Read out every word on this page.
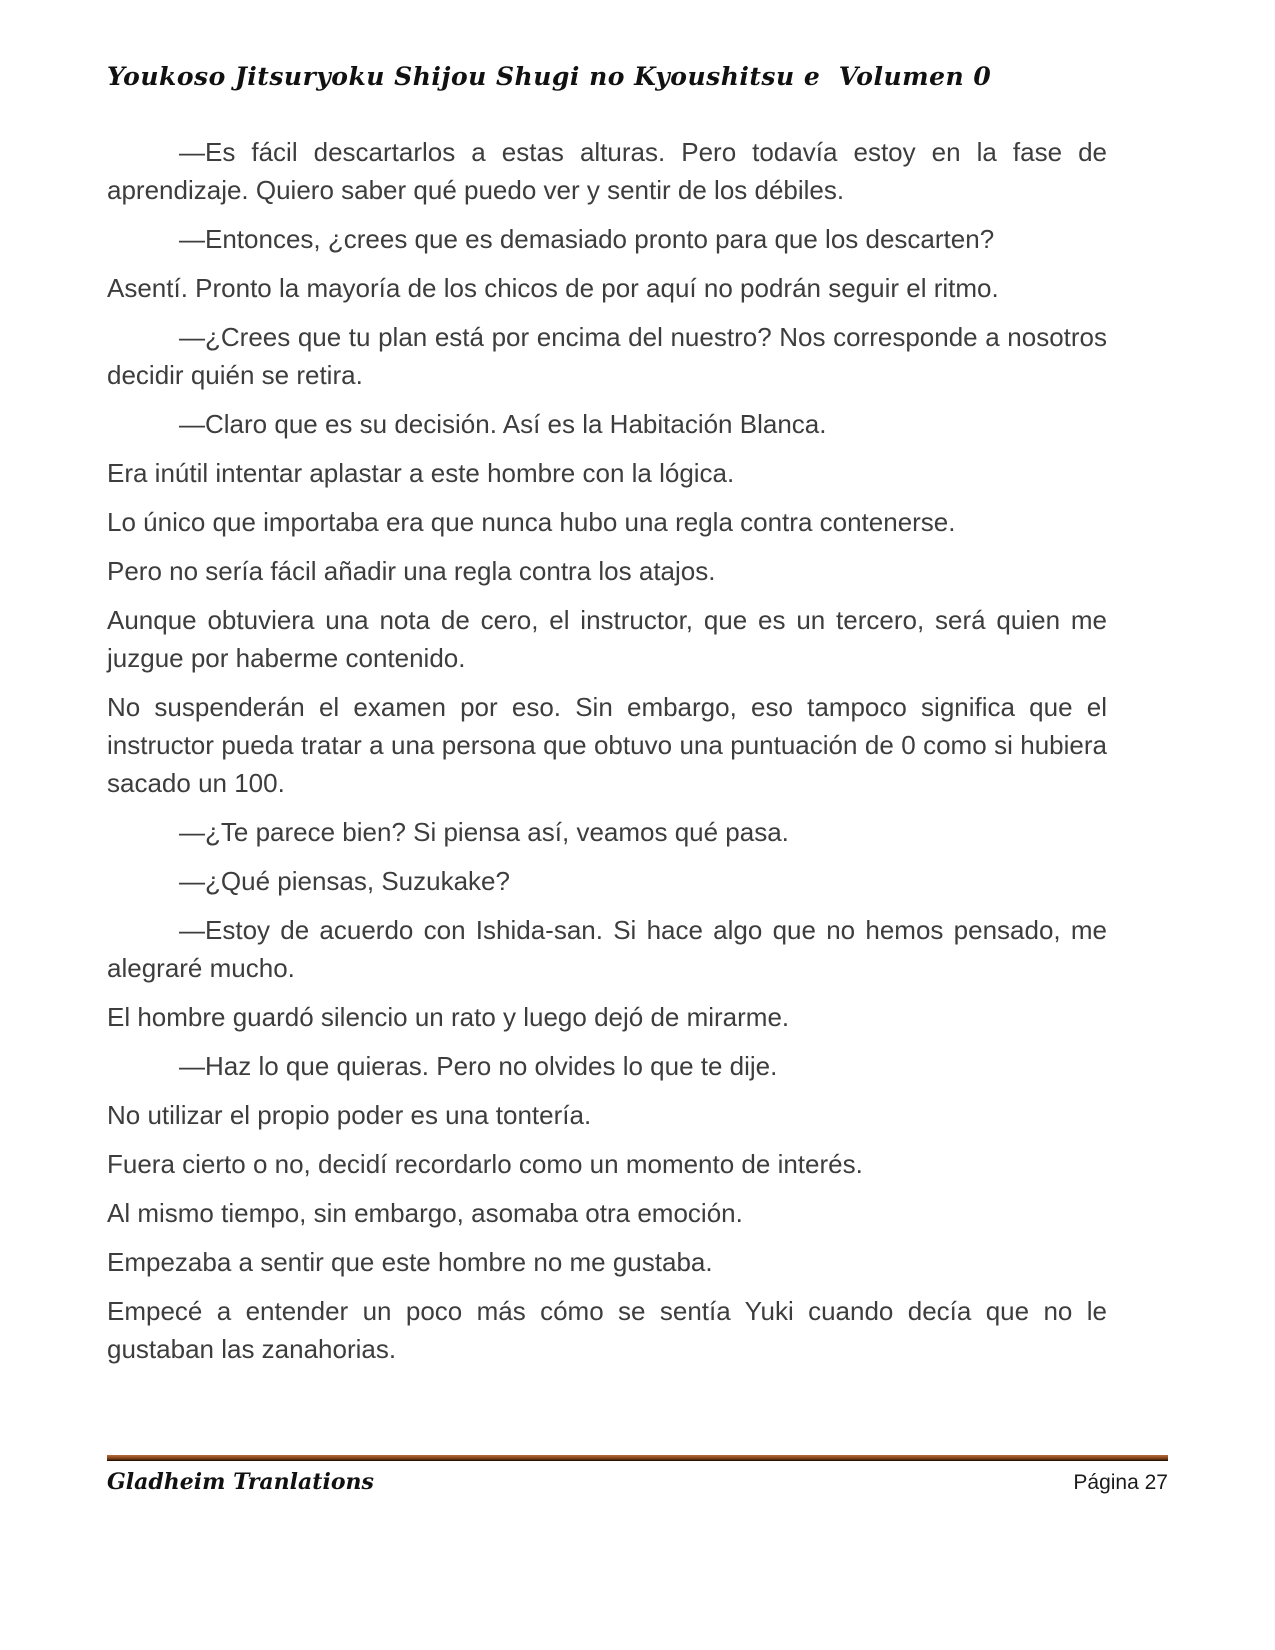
Youkoso Jitsuryoku Shijou Shugi no Kyoushitsu e  Volumen 0

—Es fácil descartarlos a estas alturas. Pero todavía estoy en la fase de aprendizaje. Quiero saber qué puedo ver y sentir de los débiles.

—Entonces, ¿crees que es demasiado pronto para que los descarten?

Asentí. Pronto la mayoría de los chicos de por aquí no podrán seguir el ritmo.

—¿Crees que tu plan está por encima del nuestro? Nos corresponde a nosotros decidir quién se retira.

—Claro que es su decisión. Así es la Habitación Blanca.

Era inútil intentar aplastar a este hombre con la lógica.

Lo único que importaba era que nunca hubo una regla contra contenerse.

Pero no sería fácil añadir una regla contra los atajos.

Aunque obtuviera una nota de cero, el instructor, que es un tercero, será quien me juzgue por haberme contenido.

No suspenderán el examen por eso. Sin embargo, eso tampoco significa que el instructor pueda tratar a una persona que obtuvo una puntuación de 0 como si hubiera sacado un 100.

—¿Te parece bien? Si piensa así, veamos qué pasa.

—¿Qué piensas, Suzukake?

—Estoy de acuerdo con Ishida-san. Si hace algo que no hemos pensado, me alegraré mucho.

El hombre guardó silencio un rato y luego dejó de mirarme.

—Haz lo que quieras. Pero no olvides lo que te dije.

No utilizar el propio poder es una tontería.

Fuera cierto o no, decidí recordarlo como un momento de interés.

Al mismo tiempo, sin embargo, asomaba otra emoción.

Empezaba a sentir que este hombre no me gustaba.

Empecé a entender un poco más cómo se sentía Yuki cuando decía que no le gustaban las zanahorias.

Gladheim Tranlations	Página 27
